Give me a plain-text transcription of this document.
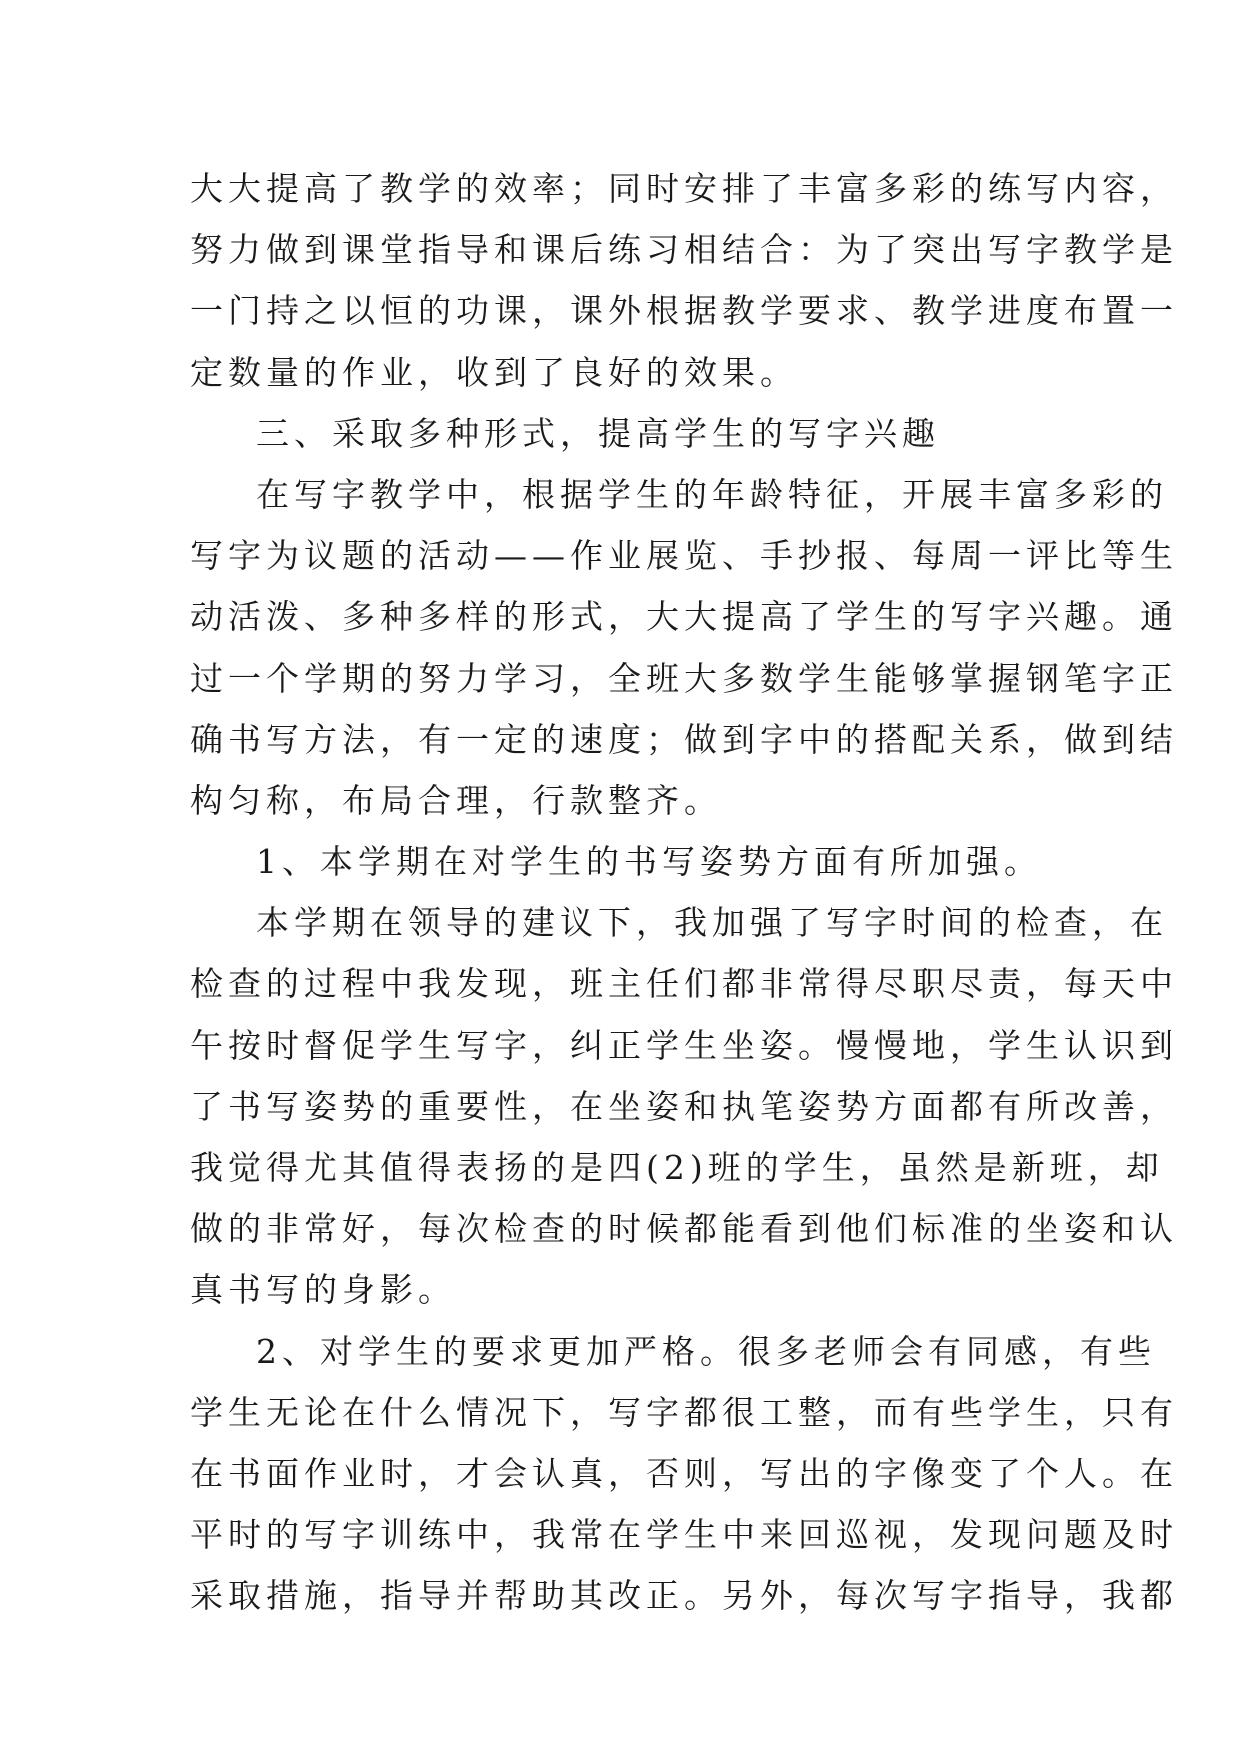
大大提高了教学的效率；同时安排了丰富多彩的练写内容，
努力做到课堂指导和课后练习相结合：为了突出写字教学是
一门持之以恒的功课，课外根据教学要求、教学进度布置一
定数量的作业，收到了良好的效果。
三、采取多种形式，提高学生的写字兴趣
在写字教学中，根据学生的年龄特征，开展丰富多彩的
写字为议题的活动——作业展览、手抄报、每周一评比等生
动活泼、多种多样的形式，大大提高了学生的写字兴趣。通
过一个学期的努力学习，全班大多数学生能够掌握钢笔字正
确书写方法，有一定的速度；做到字中的搭配关系，做到结
构匀称，布局合理，行款整齐。
1、本学期在对学生的书写姿势方面有所加强。
本学期在领导的建议下，我加强了写字时间的检查，在
检查的过程中我发现，班主任们都非常得尽职尽责，每天中
午按时督促学生写字，纠正学生坐姿。慢慢地，学生认识到
了书写姿势的重要性，在坐姿和执笔姿势方面都有所改善，
我觉得尤其值得表扬的是四(2)班的学生，虽然是新班，却
做的非常好，每次检查的时候都能看到他们标准的坐姿和认
真书写的身影。
2、对学生的要求更加严格。很多老师会有同感，有些
学生无论在什么情况下，写字都很工整，而有些学生，只有
在书面作业时，才会认真，否则，写出的字像变了个人。在
平时的写字训练中，我常在学生中来回巡视，发现问题及时
采取措施，指导并帮助其改正。另外，每次写字指导，我都
